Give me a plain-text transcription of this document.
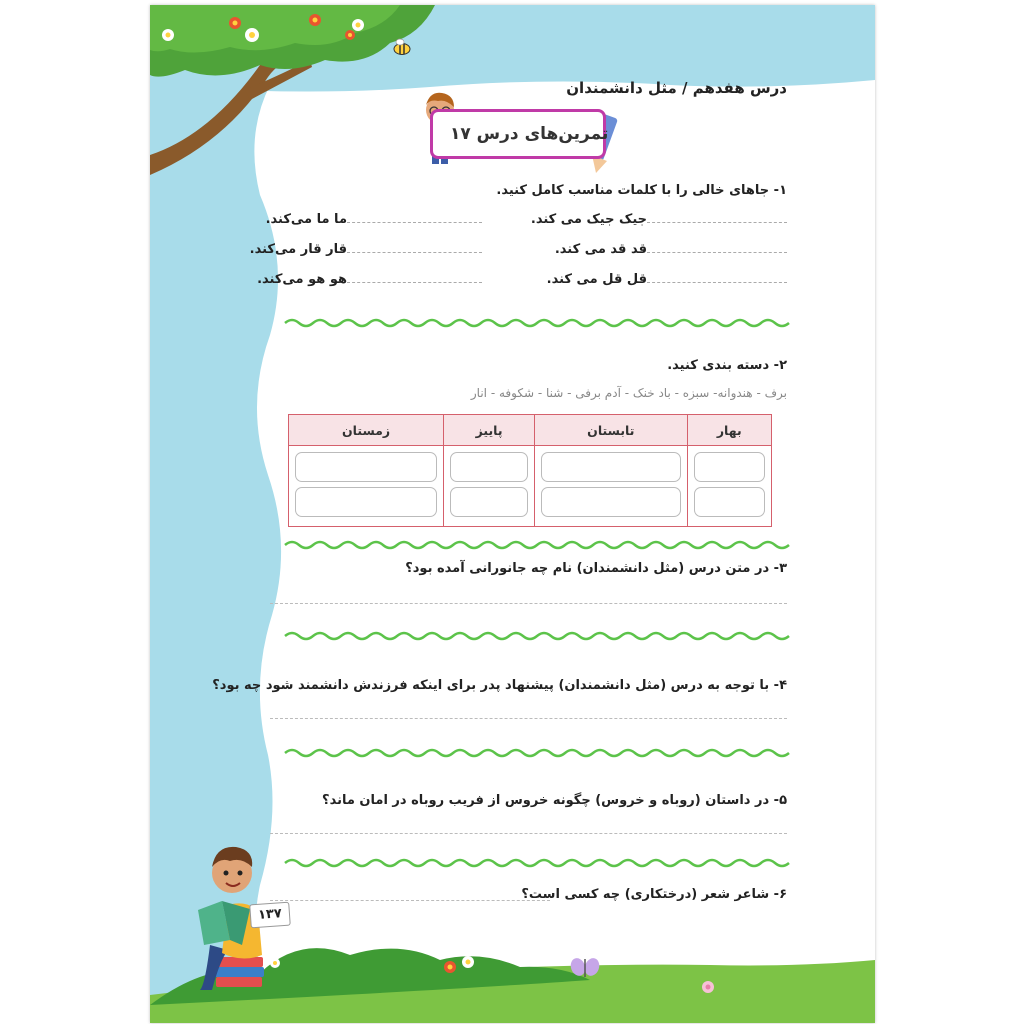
درس هفدهم / مثل دانشمندان
تمرین‌های درس ۱۷
۱- جاهای خالی را با کلمات مناسب کامل کنید.
جیک جیک می کند.
ما ما می‌کند.
قد قد می کند.
قار قار می‌کند.
قل قل می کند.
هو هو می‌کند.
۲- دسته بندی کنید.
برف - هندوانه- سبزه - باد خنک - آدم برفی - شنا - شکوفه - انار
بهار	تابستان	پاییز	زمستان

۳- در متن درس (مثل دانشمندان) نام چه جانورانی آمده بود؟
۴- با توجه به درس (مثل دانشمندان) پیشنهاد پدر برای اینکه فرزندش دانشمند شود چه بود؟
۵- در داستان (روباه و خروس) چگونه خروس از فریب روباه در امان ماند؟
۶- شاعر شعر (درختکاری) چه کسی است؟
۱۳۷
